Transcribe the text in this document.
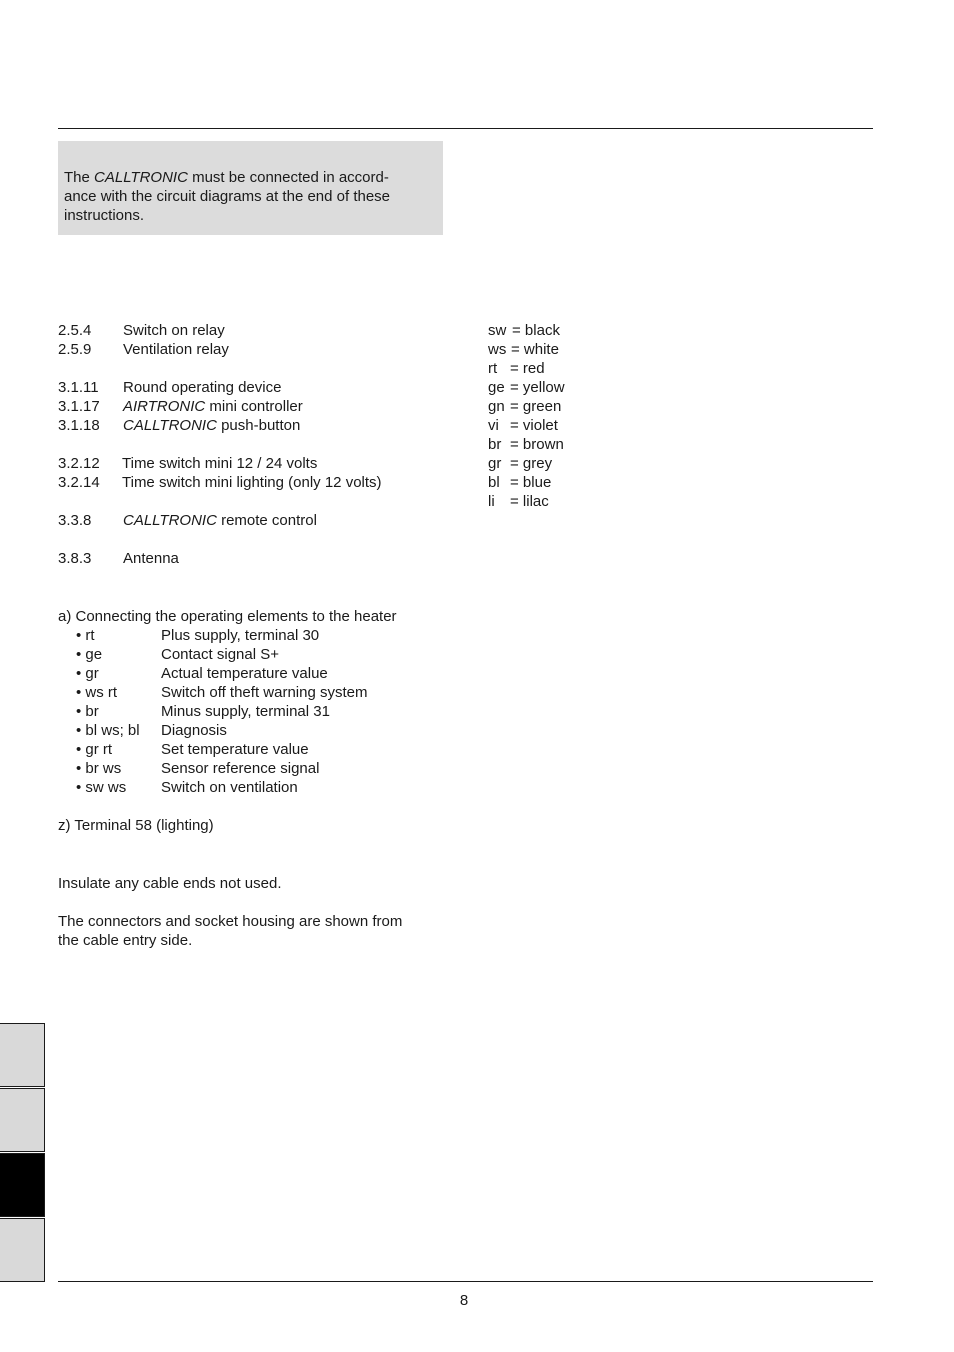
The CALLTRONIC must be connected in accord-

ance with the circuit diagrams at the end of these

instructions.

2.5.4	Switch on relay
2.5.9	Ventilation relay
3.1.11	Round operating device
3.1.17	AIRTRONIC mini controller
3.1.18	CALLTRONIC push-button
3.2.12	Time switch mini 12 / 24 volts
3.2.14	Time switch mini lighting (only 12 volts)
3.3.8	CALLTRONIC remote control
3.8.3	Antenna
sw = black
ws = white
rt = red
ge = yellow
gn = green
vi = violet
br = brown
gr = grey
bl = blue
li	= lilac
a) Connecting the operating elements to the heater
• rt	Plus supply, terminal 30
• ge	Contact signal S+
• gr	Actual temperature value
• ws rt	Switch off theft warning system
• br	Minus supply, terminal 31
• bl ws; bl	Diagnosis
• gr rt	Set temperature value
• br ws	Sensor reference signal
• sw ws	Switch on ventilation
z) Terminal 58 (lighting)

Insulate any cable ends not used.

The connectors and socket housing are shown from

the cable entry side.

8
